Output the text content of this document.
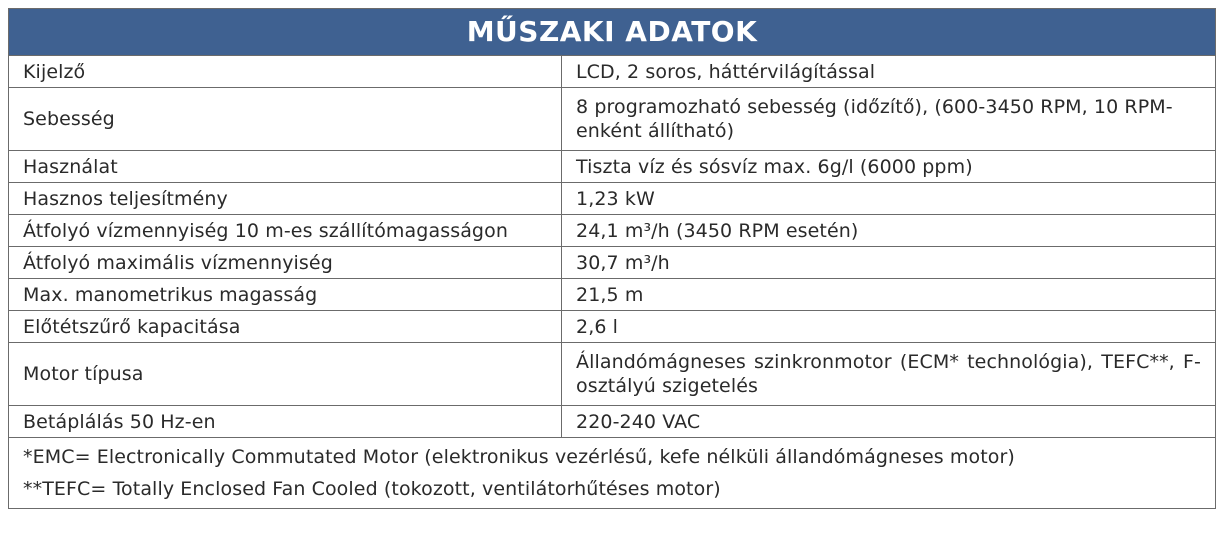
MŰSZAKI ADATOK	
Kijelző	LCD, 2 soros, háttérvilágítással
Sebesség	8 programozható sebesség (időzítő), (600-3450 RPM, 10 RPM-enként állítható)
Használat	Tiszta víz és sósvíz max. 6g/l (6000 ppm)
Hasznos teljesítmény	1,23 kW
Átfolyó vízmennyiség 10 m-es szállítómagasságon	24,1 m³/h (3450 RPM esetén)
Átfolyó maximális vízmennyiség	30,7 m³/h
Max. manometrikus magasság	21,5 m
Előtétszűrő kapacitása	2,6 l
Motor típusa	Állandómágneses szinkronmotor (ECM* technológia), TEFC**, F-osztályú szigetelés
Betáplálás 50 Hz-en	220-240 VAC

*EMC= Electronically Commutated Motor (elektronikus vezérlésű, kefe nélküli állandómágneses motor)
**TEFC= Totally Enclosed Fan Cooled (tokozott, ventilátorhűtéses motor)	
